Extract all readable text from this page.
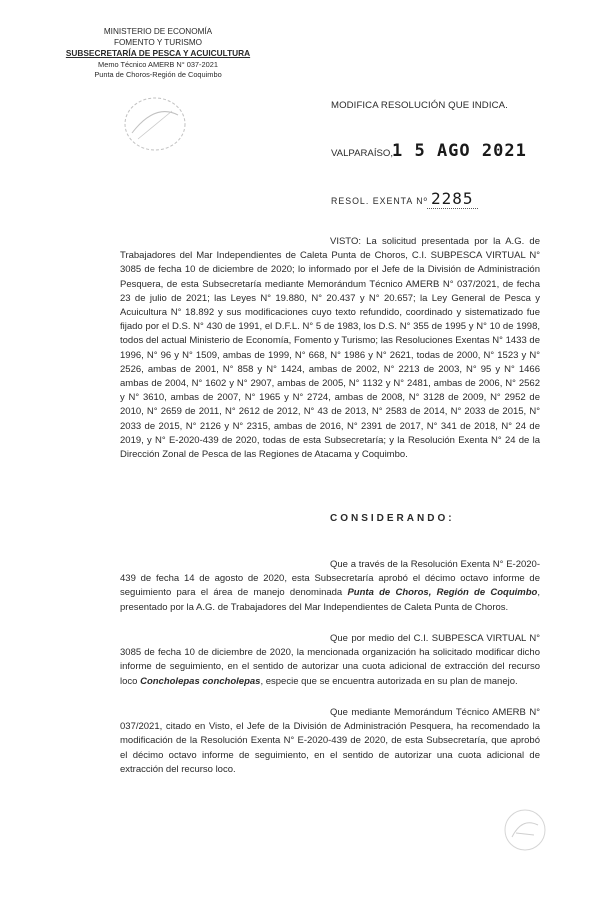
MINISTERIO DE ECONOMÍA
FOMENTO Y TURISMO
SUBSECRETARÍA DE PESCA Y ACUICULTURA
Memo Técnico AMERB N° 037-2021
Punta de Choros-Región de Coquimbo
MODIFICA RESOLUCIÓN QUE INDICA.
VALPARAÍSO,
1 5 AGO 2021
RESOL. EXENTA Nº 2285
VISTO: La solicitud presentada por la A.G. de Trabajadores del Mar Independientes de Caleta Punta de Choros, C.I. SUBPESCA VIRTUAL N° 3085 de fecha 10 de diciembre de 2020; lo informado por el Jefe de la División de Administración Pesquera, de esta Subsecretaría mediante Memorándum Técnico AMERB N° 037/2021, de fecha 23 de julio de 2021; las Leyes N° 19.880, N° 20.437 y N° 20.657; la Ley General de Pesca y Acuicultura N° 18.892 y sus modificaciones cuyo texto refundido, coordinado y sistematizado fue fijado por el D.S. N° 430 de 1991, el D.F.L. N° 5 de 1983, los D.S. N° 355 de 1995 y N° 10 de 1998, todos del actual Ministerio de Economía, Fomento y Turismo; las Resoluciones Exentas N° 1433 de 1996, N° 96 y N° 1509, ambas de 1999, N° 668, N° 1986 y N° 2621, todas de 2000, N° 1523 y N° 2526, ambas de 2001, N° 858 y N° 1424, ambas de 2002, N° 2213 de 2003, N° 95 y N° 1466 ambas de 2004, N° 1602 y N° 2907, ambas de 2005, N° 1132 y N° 2481, ambas de 2006, N° 2562 y N° 3610, ambas de 2007, N° 1965 y N° 2724, ambas de 2008, N° 3128 de 2009, N° 2952 de 2010, N° 2659 de 2011, N° 2612 de 2012, N° 43 de 2013, N° 2583 de 2014, N° 2033 de 2015, N° 2033 de 2015, N° 2126 y N° 2315, ambas de 2016, N° 2391 de 2017, N° 341 de 2018, N° 24 de 2019, y N° E-2020-439 de 2020, todas de esta Subsecretaría; y la Resolución Exenta N° 24 de la Dirección Zonal de Pesca de las Regiones de Atacama y Coquimbo.
CONSIDERANDO:
Que a través de la Resolución Exenta N° E-2020-439 de fecha 14 de agosto de 2020, esta Subsecretaría aprobó el décimo octavo informe de seguimiento para el área de manejo denominada Punta de Choros, Región de Coquimbo, presentado por la A.G. de Trabajadores del Mar Independientes de Caleta Punta de Choros.
Que por medio del C.I. SUBPESCA VIRTUAL N° 3085 de fecha 10 de diciembre de 2020, la mencionada organización ha solicitado modificar dicho informe de seguimiento, en el sentido de autorizar una cuota adicional de extracción del recurso loco Concholepas concholepas, especie que se encuentra autorizada en su plan de manejo.
Que mediante Memorándum Técnico AMERB N° 037/2021, citado en Visto, el Jefe de la División de Administración Pesquera, ha recomendado la modificación de la Resolución Exenta N° E-2020-439 de 2020, de esta Subsecretaría, que aprobó el décimo octavo informe de seguimiento, en el sentido de autorizar una cuota adicional de extracción del recurso loco.
